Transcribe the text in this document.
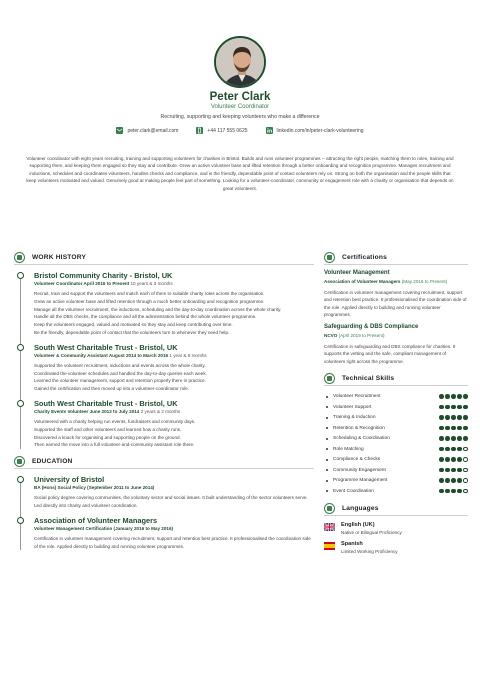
Peter Clark
Volunteer Coordinator
Recruiting, supporting and keeping volunteers who make a difference
peter.clark@email.com	+44 117 555 0625	linkedin.com/in/peter-clark-volunteering
Volunteer coordinator with eight years recruiting, training and supporting volunteers for charities in Bristol. Builds and runs volunteer programmes -- attracting the right people, matching them to roles, training and supporting them, and keeping them engaged so they stay and contribute. Grew an active volunteer base and lifted retention through a better onboarding and recognition programme. Manages recruitment and inductions, schedules and coordinates volunteers, handles checks and compliance, and is the friendly, dependable point of contact volunteers rely on. Strong on both the organisation and the people skills that keep volunteers motivated and valued. Genuinely good at making people feel part of something. Looking for a volunteer-coordinator, community or engagement role with a charity or organisation that depends on great volunteers.
WORK HISTORY
Bristol Community Charity - Bristol, UK
Volunteer Coordinator April 2016 to Present 10 years & 3 months
Recruit, train and support the volunteers and match each of them to suitable charity roles across the organisation.
Grew an active volunteer base and lifted retention through a much better onboarding and recognition programme.
Manage all the volunteer recruitment, the inductions, scheduling and the day-to-day coordination across the whole charity.
Handle all the DBS checks, the compliance and all the administration behind the whole volunteer programme.
Keep the volunteers engaged, valued and motivated so they stay and keep contributing over time.
Be the friendly, dependable point of contact that the volunteers turn to whenever they need help.
South West Charitable Trust - Bristol, UK
Volunteer & Community Assistant August 2014 to March 2016 1 year & 8 months
Supported the volunteer recruitment, inductions and events across the whole charity.
Coordinated the volunteer schedules and handled the day-to-day queries each week.
Learned the volunteer management, support and retention properly there in practice.
Gained the certification and then moved up into a volunteer-coordinator role.
South West Charitable Trust - Bristol, UK
Charity Events Volunteer June 2012 to July 2014 2 years & 2 months
Volunteered with a charity helping run events, fundraisers and community days.
Supported the staff and other volunteers and learned how a charity runs.
Discovered a knack for organising and supporting people on the ground.
Then earned the move into a full volunteer-and-community assistant role there.
EDUCATION
University of Bristol
BA (Hons) Social Policy (September 2011 to June 2014)
Social policy degree covering communities, the voluntary sector and social issues. It built understanding of the sector volunteers serve. Led directly into charity and volunteer coordination.
Association of Volunteer Managers
Volunteer Management Certification (January 2016 to May 2016)
Certification in volunteer management covering recruitment, support and retention best practice. It professionalised the coordination side of the role. Applied directly to building and running volunteer programmes.
Certifications
Volunteer Management
Association of Volunteer Managers (May 2016 to Present)
Certification in volunteer management covering recruitment, support and retention best practice. It professionalised the coordination side of the role. Applied directly to building and running volunteer programmes.
Safeguarding & DBS Compliance
NCVO (April 2019 to Present)
Certification in safeguarding and DBS compliance for charities. It supports the vetting and the safe, compliant management of volunteers right across the programme.
Technical Skills
Volunteer Recruitment
Volunteer Support
Training & Induction
Retention & Recognition
Scheduling & Coordination
Role Matching
Compliance & Checks
Community Engagement
Programme Management
Event Coordination
Languages
English (UK)
Native or Bilingual Proficiency
Spanish
Limited Working Proficiency
